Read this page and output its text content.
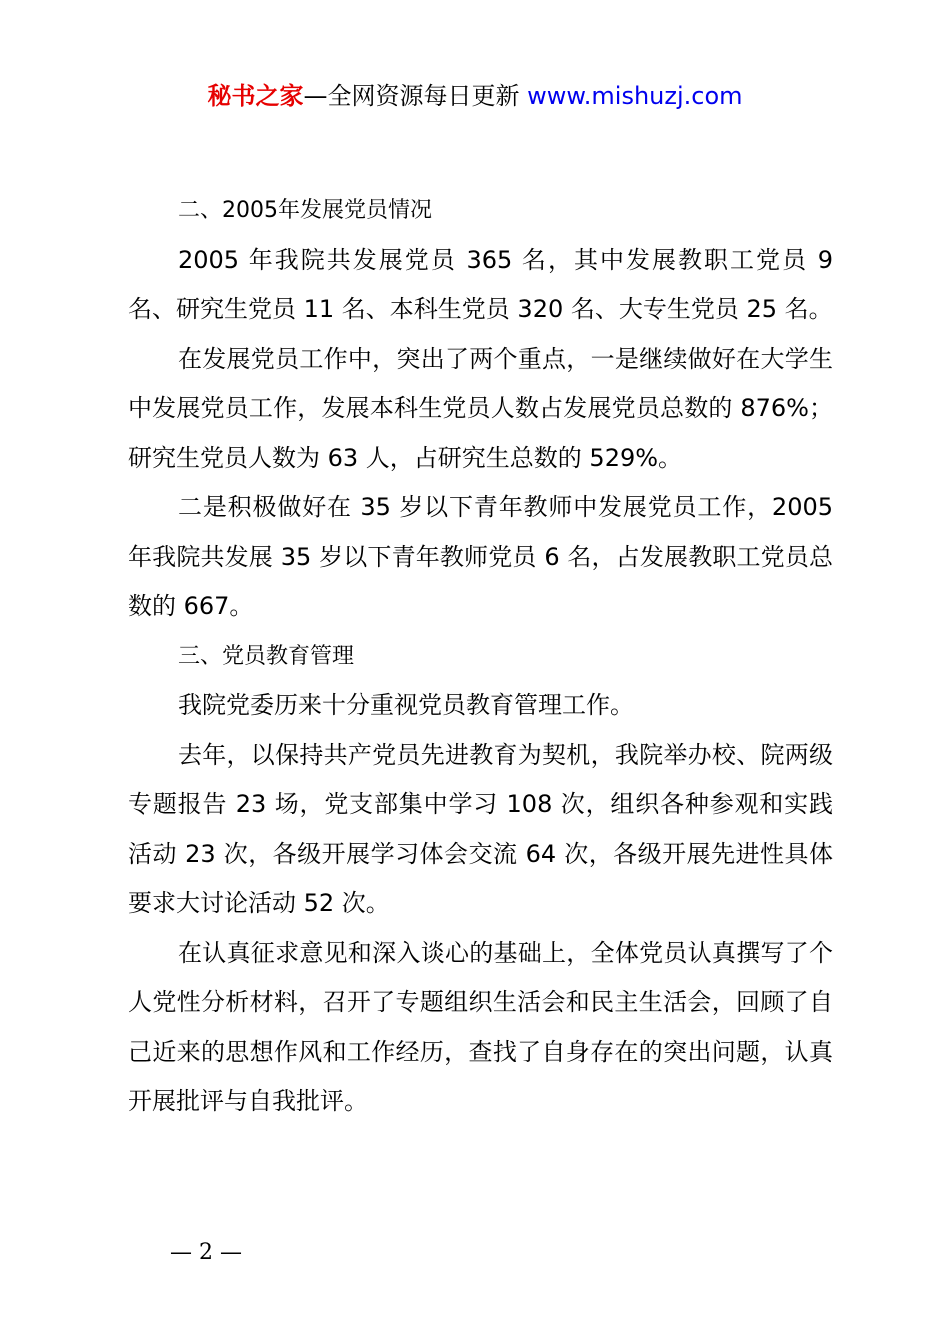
秘书之家—全网资源每日更新 www.mishuzj.com

二、2005年发展党员情况

2005 年我院共发展党员 365 名，其中发展教职工党员 9 名、研究生党员 11 名、本科生党员 320 名、大专生党员 25 名。

在发展党员工作中，突出了两个重点，一是继续做好在大学生中发展党员工作，发展本科生党员人数占发展党员总数的 876%；研究生党员人数为 63 人，占研究生总数的 529%。

二是积极做好在 35 岁以下青年教师中发展党员工作，2005 年我院共发展 35 岁以下青年教师党员 6 名，占发展教职工党员总数的 667。

三、党员教育管理

我院党委历来十分重视党员教育管理工作。

去年，以保持共产党员先进教育为契机，我院举办校、院两级专题报告 23 场，党支部集中学习 108 次，组织各种参观和实践活动 23 次，各级开展学习体会交流 64 次，各级开展先进性具体要求大讨论活动 52 次。

在认真征求意见和深入谈心的基础上，全体党员认真撰写了个人党性分析材料，召开了专题组织生活会和民主生活会，回顾了自己近来的思想作风和工作经历，查找了自身存在的突出问题，认真开展批评与自我批评。

— 2 —
